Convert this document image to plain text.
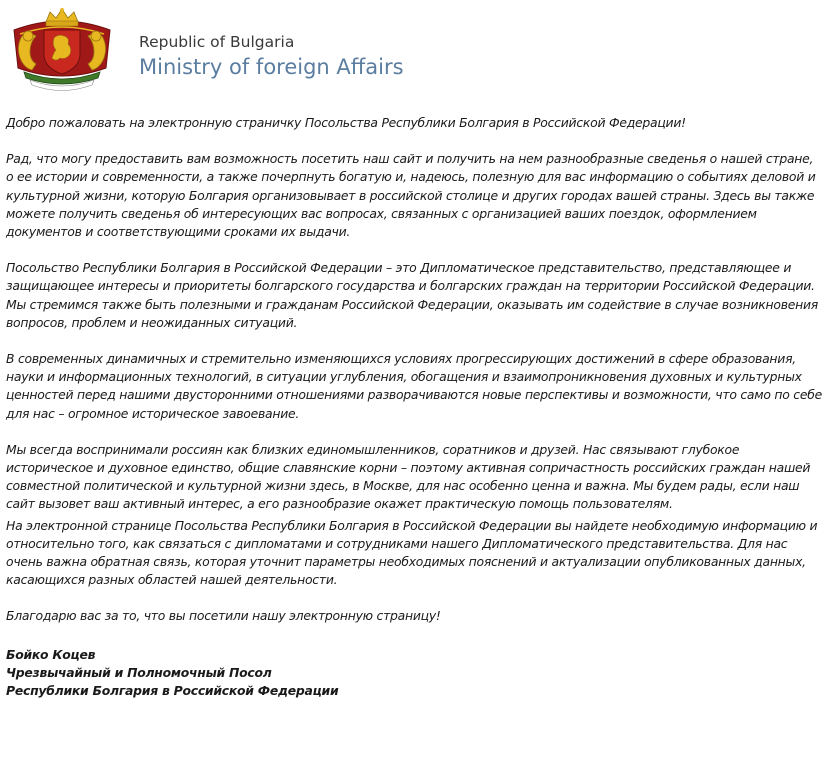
Republic of Bulgaria
Ministry of foreign Affairs

Добро пожаловать на электронную страничку Посольства Республики Болгария в Российской Федерации!

Рад, что могу предоставить вам возможность посетить наш сайт и получить на нем разнообразные сведенья о нашей стране, о ее истории и современности, а также почерпнуть богатую и, надеюсь, полезную для вас информацию о событиях деловой и культурной жизни, которую Болгария организовывает в российской столице и других городах вашей страны. Здесь вы также можете получить сведенья об интересующих вас вопросах, связанных с организацией ваших поездок, оформлением документов и соответствующими сроками их выдачи.

Посольство Республики Болгария в Российской Федерации – это Дипломатическое представительство, представляющее и защищающее интересы и приоритеты болгарского государства и болгарских граждан на территории Российской Федерации. Мы стремимся также быть полезными и гражданам Российской Федерации, оказывать им содействие в случае возникновения вопросов, проблем и неожиданных ситуаций.

В современных динамичных и стремительно изменяющихся условиях прогрессирующих достижений в сфере образования, науки и информационных технологий, в ситуации углубления, обогащения и взаимопроникновения духовных и культурных ценностей перед нашими двусторонними отношениями разворачиваются новые перспективы и возможности, что само по себе для нас – огромное историческое завоевание.

Мы всегда воспринимали россиян как близких единомышленников, соратников и друзей. Нас связывают глубокое историческое и духовное единство, общие славянские корни – поэтому активная сопричастность российских граждан нашей совместной политической и культурной жизни здесь, в Москве, для нас особенно ценна и важна. Мы будем рады, если наш сайт вызовет ваш активный интерес, а его разнообразие окажет практическую помощь пользователям.

На электронной странице Посольства Республики Болгария в Российской Федерации вы найдете необходимую информацию и относительно того, как связаться с дипломатами и сотрудниками нашего Дипломатического представительства. Для нас очень важна обратная связь, которая уточнит параметры необходимых пояснений и актуализации опубликованных данных, касающихся разных областей нашей деятельности.

Благодарю вас за то, что вы посетили нашу электронную страницу!

Бойко Коцев
Чрезвычайный и Полномочный Посол
Республики Болгария в Российской Федерации
